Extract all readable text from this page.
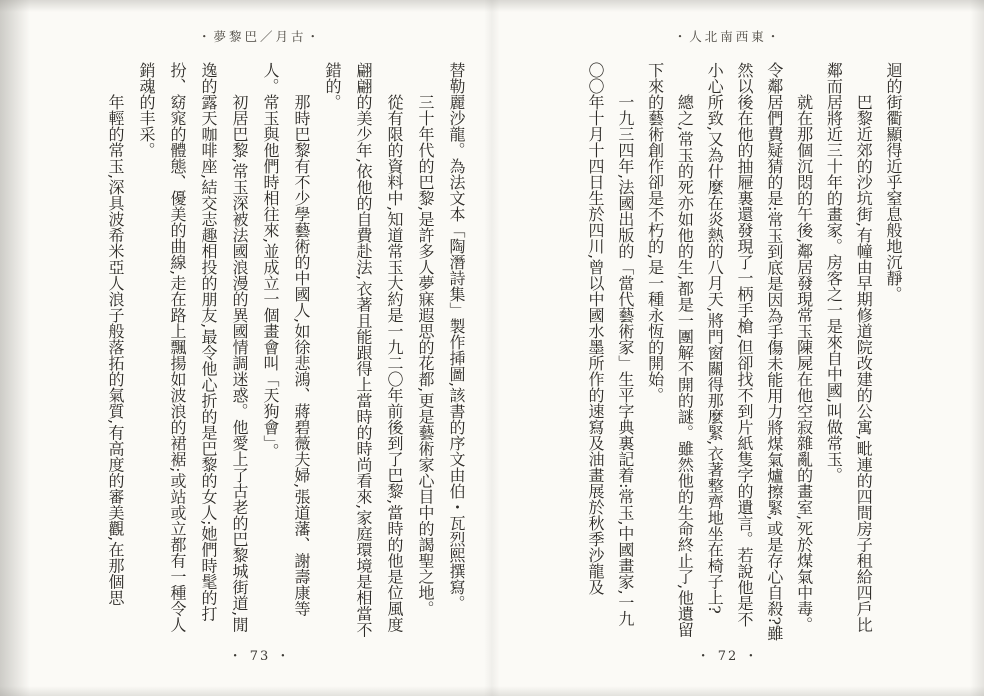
・夢黎巴／月古・

替勒麗沙龍。為法文本「陶潛詩集」製作揷圖,該書的序文由伯・瓦烈熙撰寫。

三十年代的巴黎,是許多人夢寐遐思的花都,更是藝術家心目中的謁聖之地。

從有限的資料中,知道常玉大約是一九二〇年前後到了巴黎,當時的他是位風度翩翩的美少年,依他的自費赴法,衣著且能跟得上當時的時尚看來,家庭環境是相當不錯的。

那時巴黎有不少學藝術的中國人,如徐悲鴻、蔣碧薇夫婦,張道藩、謝壽康等人。常玉與他們時相往來,並成立一個畫會叫「天狗會」。

初居巴黎,常玉深被法國浪漫的異國情調迷惑。他愛上了古老的巴黎城街道,閒逸的露天咖啡座,結交志趣相投的朋友,最令他心折的是巴黎的女人;她們時髦的打扮、窈窕的體態、優美的曲線,走在路上飄揚如波浪的裙裾;或站或立都有一種令人銷魂的丰采。

年輕的常玉,深具波希米亞人浪子般落拓的氣質,有高度的審美觀,在那個思

・ 73 ・
・人北南西東・

迴的街衢顯得近乎窒息般地沉靜。

巴黎近郊的沙坑街,有幢由早期修道院改建的公寓,毗連的四間房子租給四戶比鄰而居將近三十年的畫家。房客之一是來自中國,叫做常玉。

就在那個沉悶的午後,鄰居發現常玉陳屍在他空寂雜亂的畫室,死於煤氣中毒。令鄰居們費疑猜的是:常玉到底是因為手傷未能用力將煤氣爐擦緊,或是存心自殺?雖然以後在他的抽屜裏還發現了一柄手槍,但卻找不到片紙隻字的遺言。若說他是不小心所致,又為什麼在炎熱的八月天,將門窗關得那麼緊,衣著整齊地坐在椅子上?

總之,常玉的死亦如他的生,都是一團解不開的謎。雖然他的生命終止了,他遺留下來的藝術創作卻是不朽的,是一種永恆的開始。

一九三四年,法國出版的「當代藝術家」生平字典裏記着:常玉,中國畫家,一九〇〇年十月十四日生於四川,曾以中國水墨所作的速寫及油畫展於秋季沙龍及

・ 72 ・
